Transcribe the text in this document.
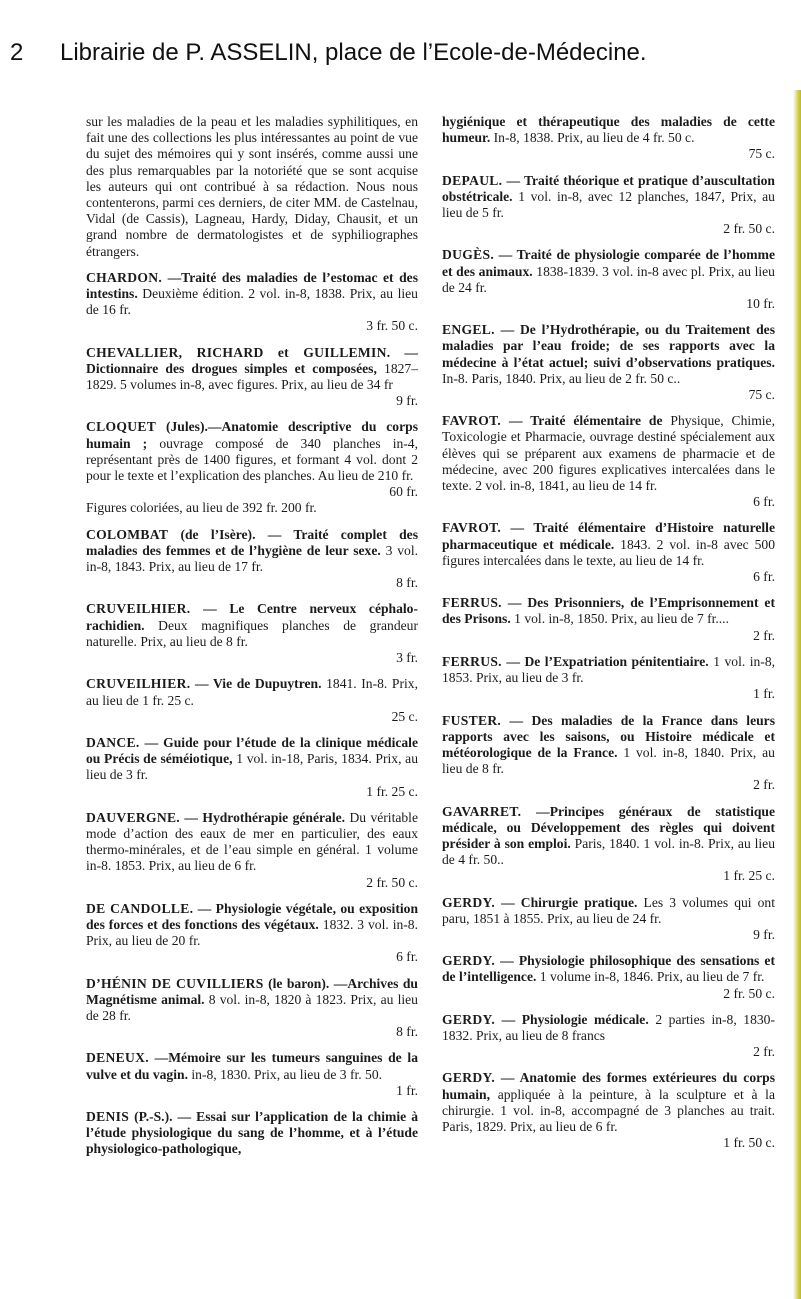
2 Librairie de P. ASSELIN, place de l’Ecole-de-Médecine.

sur les maladies de la peau et les maladies syphilitiques, en fait une des collections les plus intéressantes au point de vue du sujet des mémoires qui y sont insérés, comme aussi une des plus remarquables par la notoriété que se sont acquise les auteurs qui ont contribué à sa rédaction. Nous nous contenterons, parmi ces derniers, de citer MM. de Castelnau, Vidal (de Cassis), Lagneau, Hardy, Diday, Chausit, et un grand nombre de dermatologistes et de syphiliographes étrangers.

CHARDON. —Traité des maladies de l’estomac et des intestins. Deuxième édition. 2 vol. in-8, 1838. Prix, au lieu de 16 fr.
3 fr. 50 c.

CHEVALLIER, RICHARD et GUILLEMIN. — Dictionnaire des drogues simples et composées, 1827–1829. 5 volumes in-8, avec figures. Prix, au lieu de 34 fr
9 fr.

CLOQUET (Jules).—Anatomie descriptive du corps humain ; ouvrage composé de 340 planches in-4, représentant près de 1400 figures, et formant 4 vol. dont 2 pour le texte et l’explication des planches. Au lieu de 210 fr.
60 fr.
Figures coloriées, au lieu de 392 fr. 200 fr.

COLOMBAT (de l’Isère). — Traité complet des maladies des femmes et de l’hygiène de leur sexe. 3 vol. in-8, 1843. Prix, au lieu de 17 fr.
8 fr.

CRUVEILHIER. — Le Centre nerveux céphalo-rachidien. Deux magnifiques planches de grandeur naturelle. Prix, au lieu de 8 fr.
3 fr.

CRUVEILHIER. — Vie de Dupuytren. 1841. In-8. Prix, au lieu de 1 fr. 25 c.
25 c.

DANCE. — Guide pour l’étude de la clinique médicale ou Précis de séméiotique, 1 vol. in-18, Paris, 1834. Prix, au lieu de 3 fr.
1 fr. 25 c.

DAUVERGNE. — Hydrothérapie générale. Du véritable mode d’action des eaux de mer en particulier, des eaux thermo-minérales, et de l’eau simple en général. 1 volume in-8. 1853. Prix, au lieu de 6 fr.
2 fr. 50 c.

DE CANDOLLE. — Physiologie végétale, ou exposition des forces et des fonctions des végétaux. 1832. 3 vol. in-8. Prix, au lieu de 20 fr.
6 fr.

D’HÉNIN DE CUVILLIERS (le baron). —Archives du Magnétisme animal. 8 vol. in-8, 1820 à 1823. Prix, au lieu de 28 fr.
8 fr.

DENEUX. —Mémoire sur les tumeurs sanguines de la vulve et du vagin. in-8, 1830. Prix, au lieu de 3 fr. 50.
1 fr.

DENIS (P.-S.). — Essai sur l’application de la chimie à l’étude physiologique du sang de l’homme, et à l’étude physiologico-pathologique,

hygiénique et thérapeutique des maladies de cette humeur. In-8, 1838. Prix, au lieu de 4 fr. 50 c.
75 c.

DEPAUL. — Traité théorique et pratique d’auscultation obstétricale. 1 vol. in-8, avec 12 planches, 1847, Prix, au lieu de 5 fr.
2 fr. 50 c.

DUGÈS. — Traité de physiologie comparée de l’homme et des animaux. 1838-1839. 3 vol. in-8 avec pl. Prix, au lieu de 24 fr.
10 fr.

ENGEL. — De l’Hydrothérapie, ou du Traitement des maladies par l’eau froide; de ses rapports avec la médecine à l’état actuel; suivi d’observations pratiques. In-8. Paris, 1840. Prix, au lieu de 2 fr. 50 c..
75 c.

FAVROT. — Traité élémentaire de Physique, Chimie, Toxicologie et Pharmacie, ouvrage destiné spécialement aux élèves qui se préparent aux examens de pharmacie et de médecine, avec 200 figures explicatives intercalées dans le texte. 2 vol. in-8, 1841, au lieu de 14 fr.
6 fr.

FAVROT. — Traité élémentaire d’Histoire naturelle pharmaceutique et médicale. 1843. 2 vol. in-8 avec 500 figures intercalées dans le texte, au lieu de 14 fr.
6 fr.

FERRUS. — Des Prisonniers, de l’Emprisonnement et des Prisons. 1 vol. in-8, 1850. Prix, au lieu de 7 fr....
2 fr.

FERRUS. — De l’Expatriation pénitentiaire. 1 vol. in-8, 1853. Prix, au lieu de 3 fr.
1 fr.

FUSTER. — Des maladies de la France dans leurs rapports avec les saisons, ou Histoire médicale et météorologique de la France. 1 vol. in-8, 1840. Prix, au lieu de 8 fr.
2 fr.

GAVARRET. —Principes généraux de statistique médicale, ou Développement des règles qui doivent présider à son emploi. Paris, 1840. 1 vol. in-8. Prix, au lieu de 4 fr. 50..
1 fr. 25 c.

GERDY. — Chirurgie pratique. Les 3 volumes qui ont paru, 1851 à 1855. Prix, au lieu de 24 fr.
9 fr.

GERDY. — Physiologie philosophique des sensations et de l’intelligence. 1 volume in-8, 1846. Prix, au lieu de 7 fr.
2 fr. 50 c.

GERDY. — Physiologie médicale. 2 parties in-8, 1830-1832. Prix, au lieu de 8 francs
2 fr.

GERDY. — Anatomie des formes extérieures du corps humain, appliquée à la peinture, à la sculpture et à la chirurgie. 1 vol. in-8, accompagné de 3 planches au trait. Paris, 1829. Prix, au lieu de 6 fr.
1 fr. 50 c.
